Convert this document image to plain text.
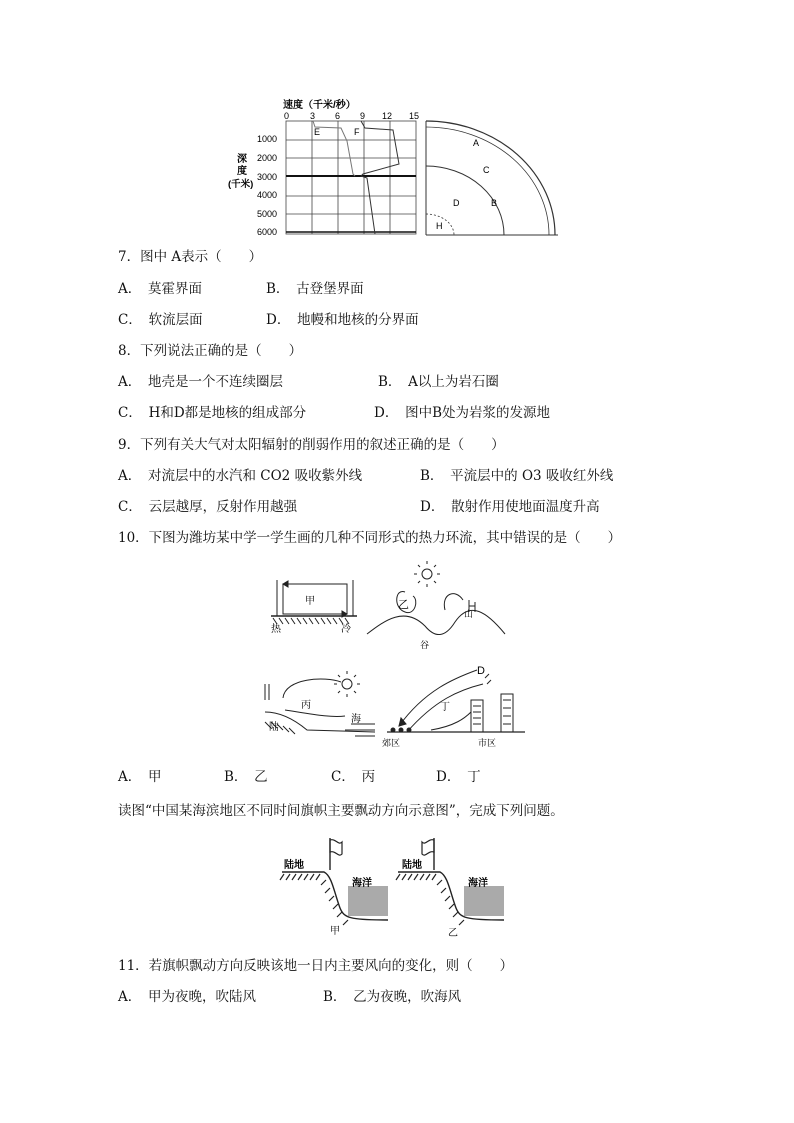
速度（千米/秒）
0 3 6 9 12 15
深
度
(千米)
1000
2000
3000
4000
5000
6000
E	F
A
C
D	B
H
7．图中 A表示（　　）
A．　莫霍界面	B．　古登堡界面
C．　软流层面	D．　地幔和地核的分界面
8．下列说法正确的是（　　）
A．　地壳是一个不连续圈层	B．　A以上为岩石圈
C．　H和D都是地核的组成部分	D．　图中B处为岩浆的发源地
9．下列有关大气对太阳辐射的削弱作用的叙述正确的是（　　）
A．　对流层中的水汽和 CO2 吸收紫外线	B．　平流层中的 O3 吸收红外线
C．　云层越厚，反射作用越强	D．　散射作用使地面温度升高
10．下图为潍坊某中学一学生画的几种不同形式的热力环流，其中错误的是（　　）
甲
热	冷
乙
山
谷
丙
陆
海
D
丁
郊区	市区
A．　甲	B．　乙	C．　丙	D．　丁
读图“中国某海滨地区不同时间旗帜主要飘动方向示意图”，完成下列问题。
陆地
海洋
甲
陆地
海洋
乙
11．若旗帜飘动方向反映该地一日内主要风向的变化，则（　　）
A．　甲为夜晚，吹陆风	B．　乙为夜晚，吹海风
